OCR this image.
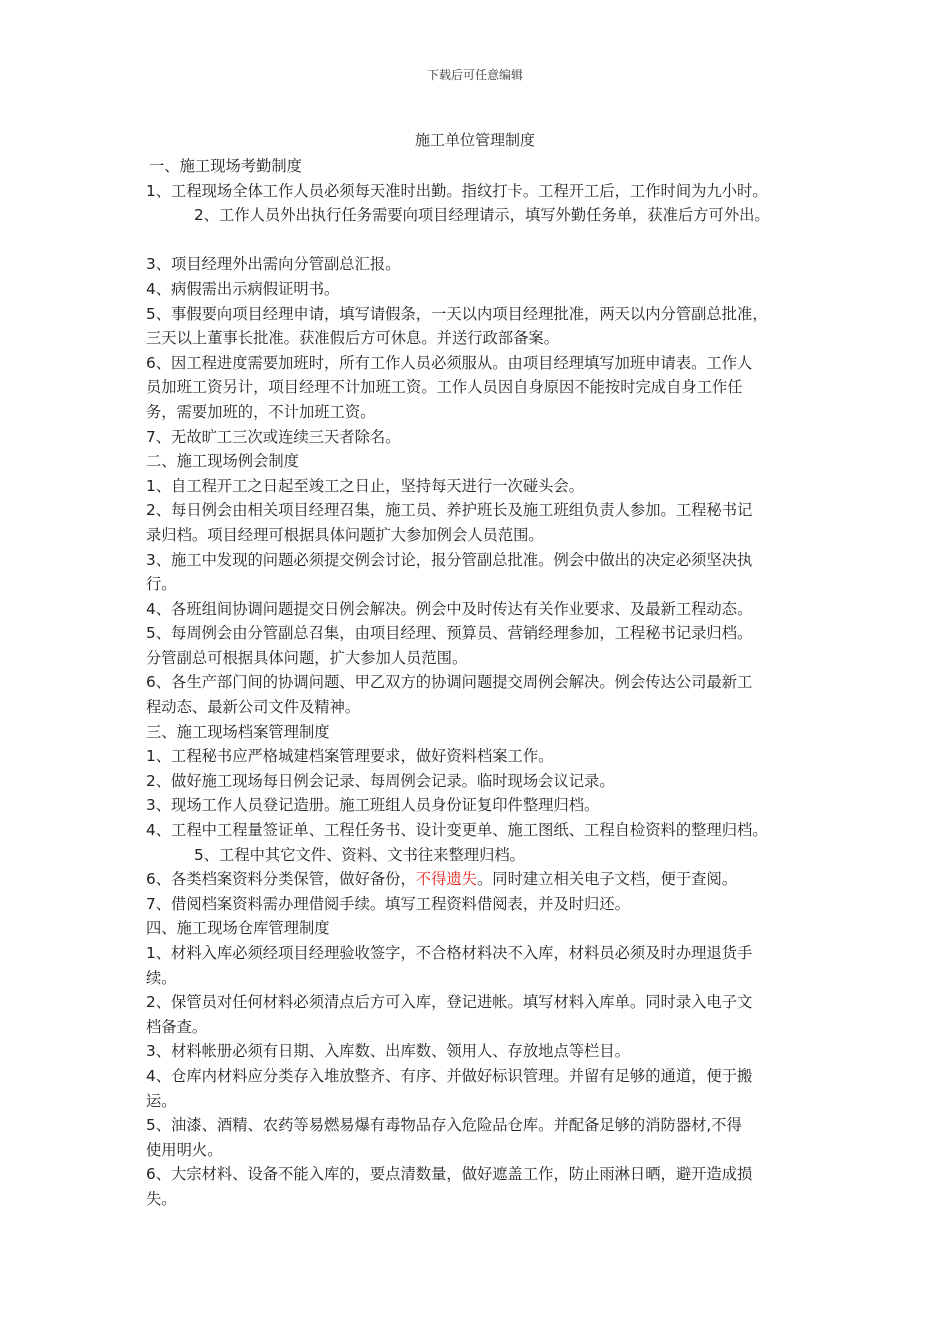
下载后可任意编辑
施工单位管理制度

一、施工现场考勤制度

1、工程现场全体工作人员必须每天准时出勤。指纹打卡。工程开工后，工作时间为九小时。

2、工作人员外出执行任务需要向项目经理请示，填写外勤任务单，获准后方可外出。

3、项目经理外出需向分管副总汇报。

4、病假需出示病假证明书。

5、事假要向项目经理申请，填写请假条，一天以内项目经理批准，两天以内分管副总批准，

三天以上董事长批准。获准假后方可休息。并送行政部备案。

6、因工程进度需要加班时，所有工作人员必须服从。由项目经理填写加班申请表。工作人

员加班工资另计，项目经理不计加班工资。工作人员因自身原因不能按时完成自身工作任

务，需要加班的，不计加班工资。

7、无故旷工三次或连续三天者除名。

二、施工现场例会制度

1、自工程开工之日起至竣工之日止，坚持每天进行一次碰头会。

2、每日例会由相关项目经理召集，施工员、养护班长及施工班组负责人参加。工程秘书记

录归档。项目经理可根据具体问题扩大参加例会人员范围。

3、施工中发现的问题必须提交例会讨论，报分管副总批准。例会中做出的决定必须坚决执

行。

4、各班组间协调问题提交日例会解决。例会中及时传达有关作业要求、及最新工程动态。

5、每周例会由分管副总召集，由项目经理、预算员、营销经理参加，工程秘书记录归档。

分管副总可根据具体问题，扩大参加人员范围。

6、各生产部门间的协调问题、甲乙双方的协调问题提交周例会解决。例会传达公司最新工

程动态、最新公司文件及精神。

三、施工现场档案管理制度

1、工程秘书应严格城建档案管理要求，做好资料档案工作。

2、做好施工现场每日例会记录、每周例会记录。临时现场会议记录。

3、现场工作人员登记造册。施工班组人员身份证复印件整理归档。

4、工程中工程量签证单、工程任务书、设计变更单、施工图纸、工程自检资料的整理归档。

5、工程中其它文件、资料、文书往来整理归档。

6、各类档案资料分类保管，做好备份，不得遗失。同时建立相关电子文档，便于查阅。

7、借阅档案资料需办理借阅手续。填写工程资料借阅表，并及时归还。

四、施工现场仓库管理制度

1、材料入库必须经项目经理验收签字，不合格材料决不入库，材料员必须及时办理退货手

续。

2、保管员对任何材料必须清点后方可入库，登记进帐。填写材料入库单。同时录入电子文

档备查。

3、材料帐册必须有日期、入库数、出库数、领用人、存放地点等栏目。

4、仓库内材料应分类存入堆放整齐、有序、并做好标识管理。并留有足够的通道，便于搬

运。

5、油漆、酒精、农药等易燃易爆有毒物品存入危险品仓库。并配备足够的消防器材,不得

使用明火。

6、大宗材料、设备不能入库的，要点清数量，做好遮盖工作，防止雨淋日晒，避开造成损

失。
